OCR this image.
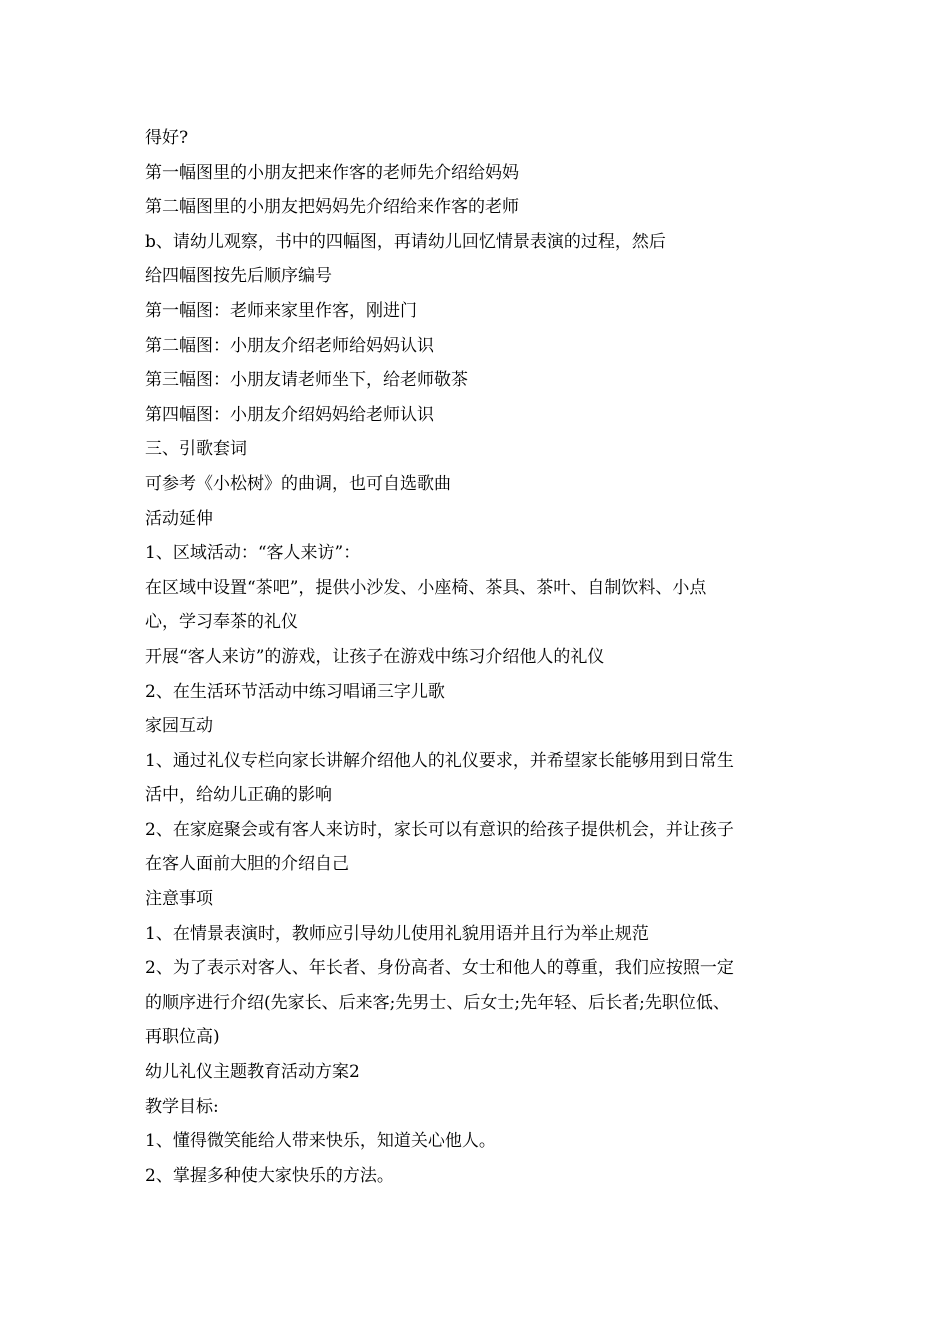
得好?
第一幅图里的小朋友把来作客的老师先介绍给妈妈
第二幅图里的小朋友把妈妈先介绍给来作客的老师
b、请幼儿观察，书中的四幅图，再请幼儿回忆情景表演的过程，然后
给四幅图按先后顺序编号
第一幅图：老师来家里作客，刚进门
第二幅图：小朋友介绍老师给妈妈认识
第三幅图：小朋友请老师坐下，给老师敬茶
第四幅图：小朋友介绍妈妈给老师认识
三、引歌套词
可参考《小松树》的曲调，也可自选歌曲
活动延伸
1、区域活动：“客人来访”：
在区域中设置“茶吧”，提供小沙发、小座椅、茶具、茶叶、自制饮料、小点
心，学习奉茶的礼仪
开展“客人来访”的游戏，让孩子在游戏中练习介绍他人的礼仪
2、在生活环节活动中练习唱诵三字儿歌
家园互动
1、通过礼仪专栏向家长讲解介绍他人的礼仪要求，并希望家长能够用到日常生
活中，给幼儿正确的影响
2、在家庭聚会或有客人来访时，家长可以有意识的给孩子提供机会，并让孩子
在客人面前大胆的介绍自己
注意事项
1、在情景表演时，教师应引导幼儿使用礼貌用语并且行为举止规范
2、为了表示对客人、年长者、身份高者、女士和他人的尊重，我们应按照一定
的顺序进行介绍(先家长、后来客;先男士、后女士;先年轻、后长者;先职位低、
再职位高)
幼儿礼仪主题教育活动方案2
教学目标:
1、懂得微笑能给人带来快乐，知道关心他人。
2、掌握多种使大家快乐的方法。
